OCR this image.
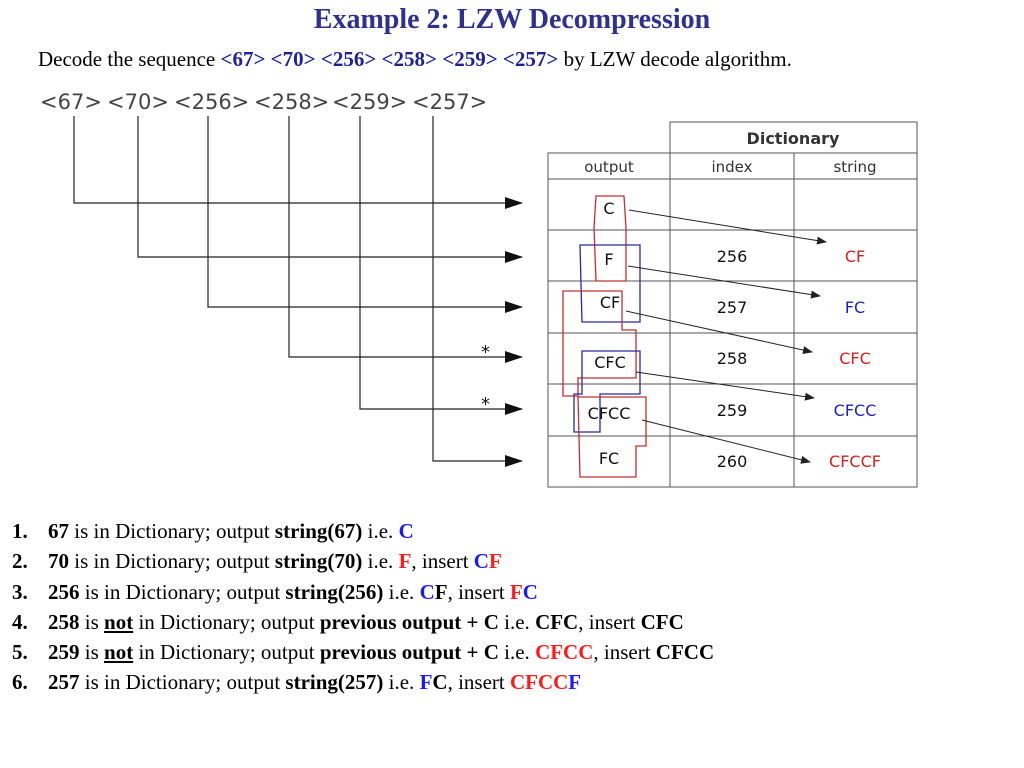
Example 2: LZW Decompression
Decode the sequence <67> <70> <256> <258> <259> <257> by LZW decode algorithm.
<67> <70> <256> <258> <259> <257>
*
*
Dictionary
output	index	string
C
F
CF
CFC
CFCC
FC
256
257
258
259
260
CF
FC
CFC
CFCC
CFCCF
1. 67 is in Dictionary; output string(67) i.e. C
2. 70 is in Dictionary; output string(70) i.e. F, insert CF
3. 256 is in Dictionary; output string(256) i.e. CF, insert FC
4. 258 is not in Dictionary; output previous output + C i.e. CFC, insert CFC
5. 259 is not in Dictionary; output previous output + C i.e. CFCC, insert CFCC
6. 257 is in Dictionary; output string(257) i.e. FC, insert CFCCF
